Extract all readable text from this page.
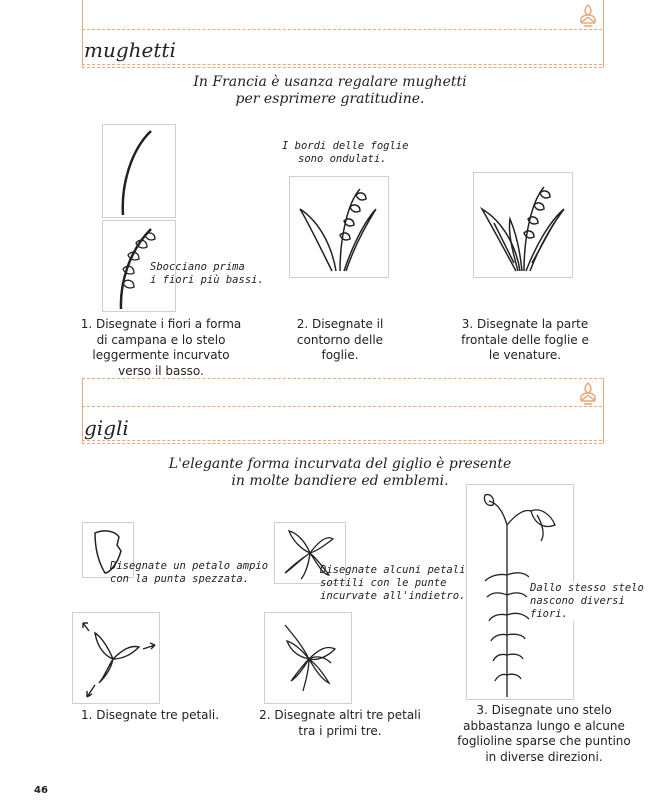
mughetti
In Francia è usanza regalare mughetti
per esprimere gratitudine.
Sbocciano prima
i fiori più bassi.
I bordi delle foglie
sono ondulati.
1. Disegnate i fiori a forma
di campana e lo stelo
leggermente incurvato
verso il basso.
2. Disegnate il
contorno delle
foglie.
3. Disegnate la parte
frontale delle foglie e
le venature.
gigli
L'elegante forma incurvata del giglio è presente
in molte bandiere ed emblemi.
Disegnate un petalo ampio
con la punta spezzata.
Disegnate alcuni petali
sottili con le punte
incurvate all'indietro.
Dallo stesso stelo
nascono diversi
fiori.
1. Disegnate tre petali.	2. Disegnate altri tre petali
tra i primi tre.
3. Disegnate uno stelo
abbastanza lungo e alcune
foglioline sparse che puntino
in diverse direzioni.
46
